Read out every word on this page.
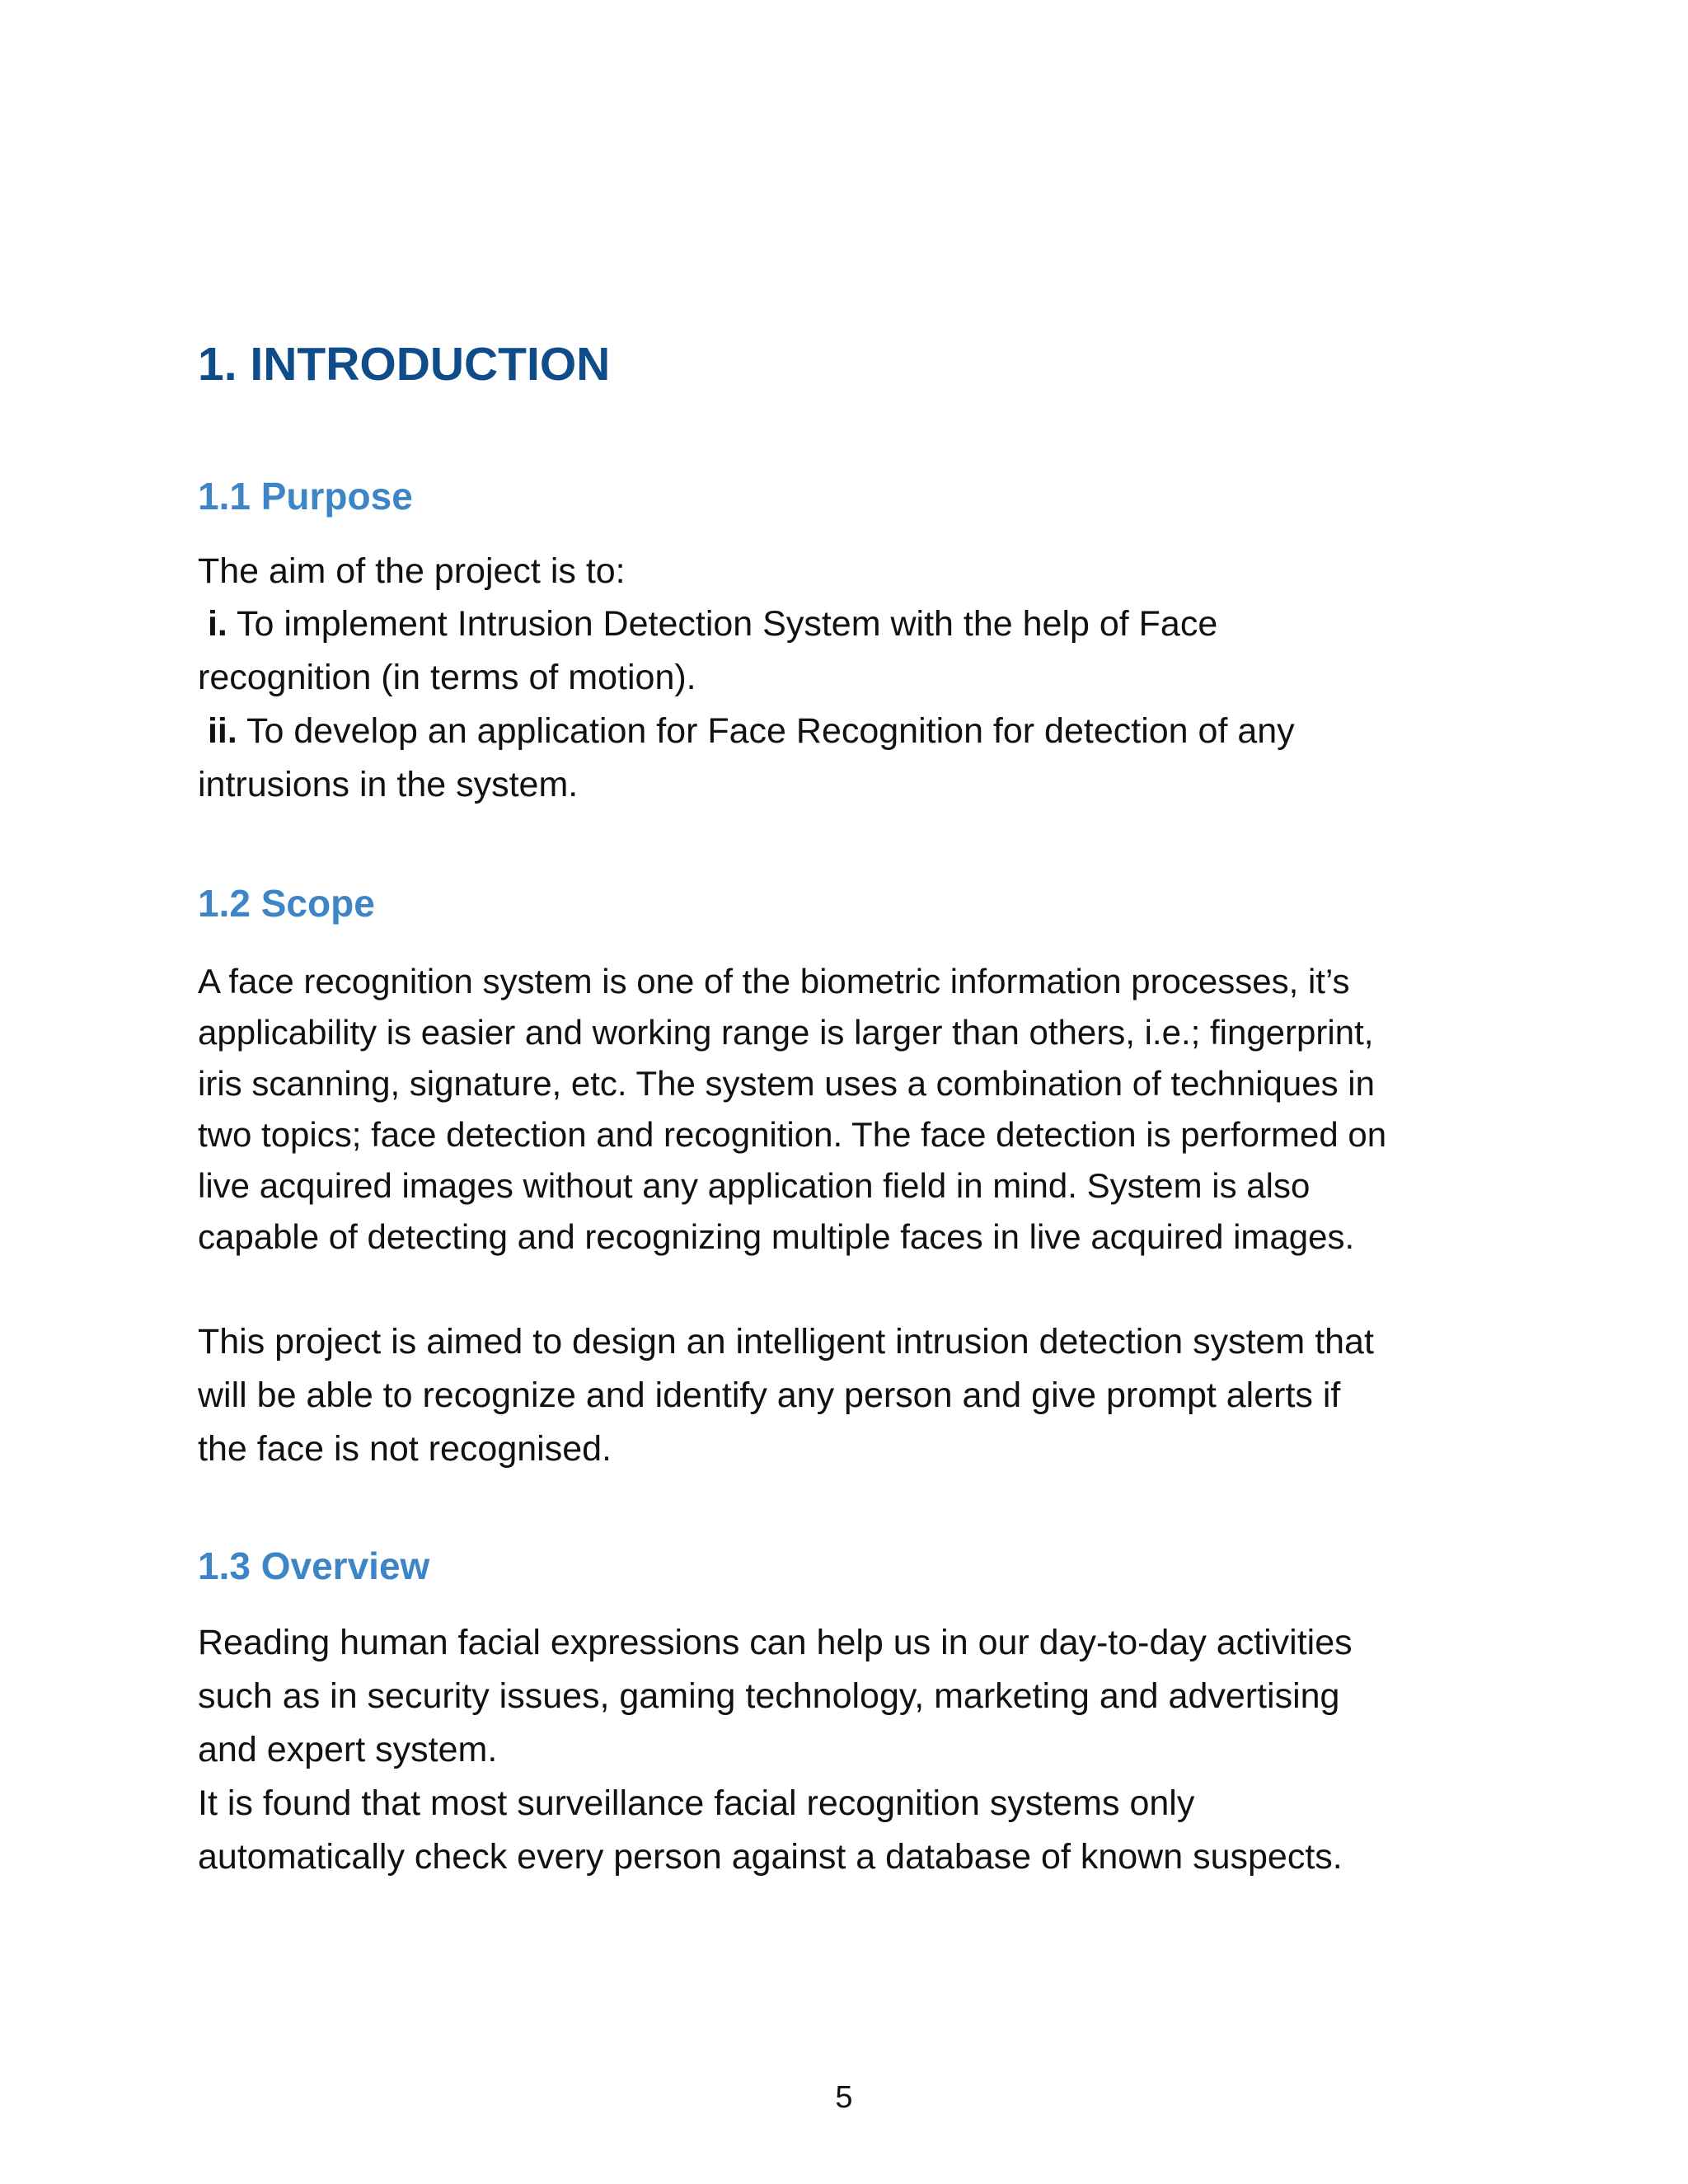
1. INTRODUCTION
1.1 Purpose

The aim of the project is to:

i. To implement Intrusion Detection System with the help of Face

recognition (in terms of motion).

ii. To develop an application for Face Recognition for detection of any

intrusions in the system.

1.2 Scope

A face recognition system is one of the biometric information processes, it’s

applicability is easier and working range is larger than others, i.e.; fingerprint,

iris scanning, signature, etc. The system uses a combination of techniques in

two topics; face detection and recognition. The face detection is performed on

live acquired images without any application field in mind. System is also

capable of detecting and recognizing multiple faces in live acquired images.

This project is aimed to design an intelligent intrusion detection system that

will be able to recognize and identify any person and give prompt alerts if

the face is not recognised.

1.3 Overview

Reading human facial expressions can help us in our day-to-day activities

such as in security issues, gaming technology, marketing and advertising

and expert system.

It is found that most surveillance facial recognition systems only

automatically check every person against a database of known suspects.

5
